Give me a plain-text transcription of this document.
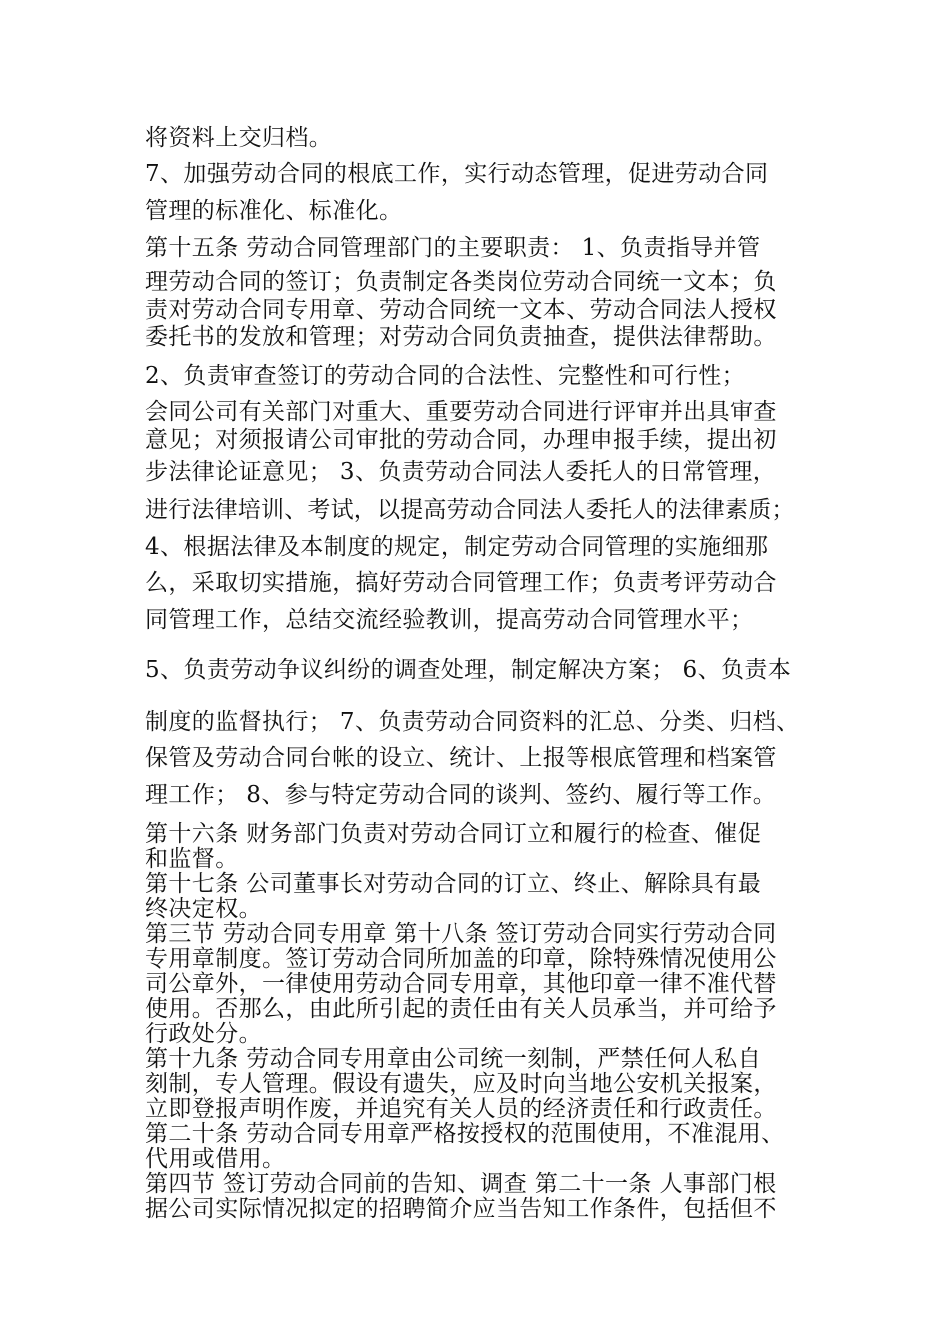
将资料上交归档。
7、加强劳动合同的根底工作，实行动态管理，促进劳动合同
管理的标准化、标准化。
第十五条 劳动合同管理部门的主要职责： 1、负责指导并管
理劳动合同的签订；负责制定各类岗位劳动合同统一文本；负
责对劳动合同专用章、劳动合同统一文本、劳动合同法人授权
委托书的发放和管理；对劳动合同负责抽查，提供法律帮助。
2、负责审查签订的劳动合同的合法性、完整性和可行性；
会同公司有关部门对重大、重要劳动合同进行评审并出具审查
意见；对须报请公司审批的劳动合同，办理申报手续，提出初
步法律论证意见； 3、负责劳动合同法人委托人的日常管理，
进行法律培训、考试，以提高劳动合同法人委托人的法律素质；
4、根据法律及本制度的规定，制定劳动合同管理的实施细那
么，采取切实措施，搞好劳动合同管理工作；负责考评劳动合
同管理工作，总结交流经验教训，提高劳动合同管理水平；
5、负责劳动争议纠纷的调查处理，制定解决方案； 6、负责本
制度的监督执行； 7、负责劳动合同资料的汇总、分类、归档、
保管及劳动合同台帐的设立、统计、上报等根底管理和档案管
理工作； 8、参与特定劳动合同的谈判、签约、履行等工作。
第十六条 财务部门负责对劳动合同订立和履行的检查、催促
和监督。
第十七条 公司董事长对劳动合同的订立、终止、解除具有最
终决定权。
第三节 劳动合同专用章 第十八条 签订劳动合同实行劳动合同
专用章制度。签订劳动合同所加盖的印章，除特殊情况使用公
司公章外，一律使用劳动合同专用章，其他印章一律不准代替
使用。否那么，由此所引起的责任由有关人员承当，并可给予
行政处分。
第十九条 劳动合同专用章由公司统一刻制，严禁任何人私自
刻制，专人管理。假设有遗失，应及时向当地公安机关报案，
立即登报声明作废，并追究有关人员的经济责任和行政责任。
第二十条 劳动合同专用章严格按授权的范围使用，不准混用、
代用或借用。
第四节 签订劳动合同前的告知、调查 第二十一条 人事部门根
据公司实际情况拟定的招聘简介应当告知工作条件，包括但不
